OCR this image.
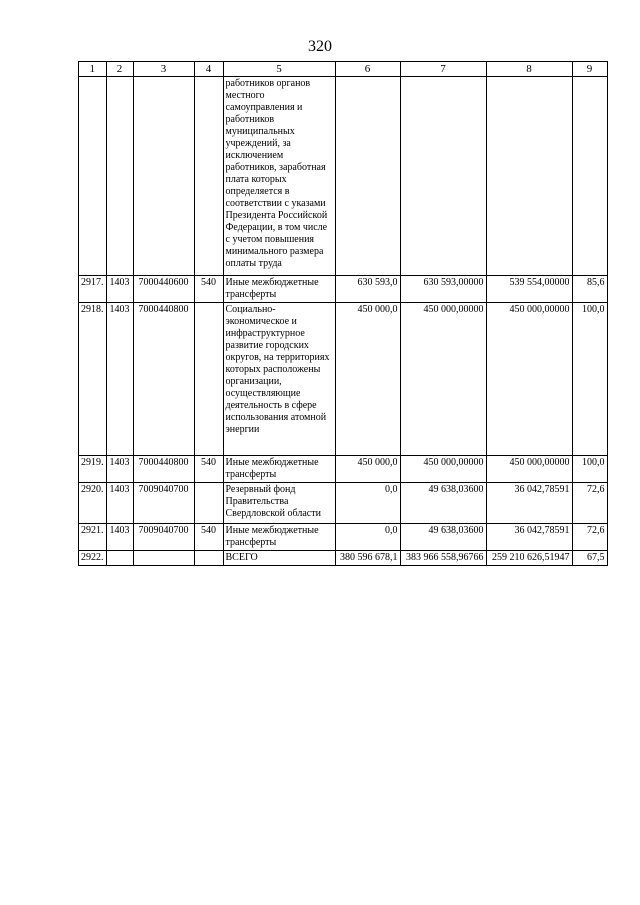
320
1	2	3	4	5	6	7	8	9
				работников органов местного самоуправления и работников муниципальных учреждений, за исключением работников, заработная плата которых определяется в соответствии с указами Президента Российской Федерации, в том числе с учетом повышения минимального размера оплаты труда				
2917.	1403	7000440600	540	Иные межбюджетные трансферты	630 593,0	630 593,00000	539 554,00000	85,6
2918.	1403	7000440800		Социально-экономическое и инфраструктурное развитие городских округов, на территориях которых расположены организации, осуществляющие деятельность в сфере использования атомной энергии	450 000,0	450 000,00000	450 000,00000	100,0
2919.	1403	7000440800	540	Иные межбюджетные трансферты	450 000,0	450 000,00000	450 000,00000	100,0
2920.	1403	7009040700		Резервный фонд Правительства Свердловской области	0,0	49 638,03600	36 042,78591	72,6
2921.	1403	7009040700	540	Иные межбюджетные трансферты	0,0	49 638,03600	36 042,78591	72,6
2922.				ВСЕГО	380 596 678,1	383 966 558,96766	259 210 626,51947	67,5
